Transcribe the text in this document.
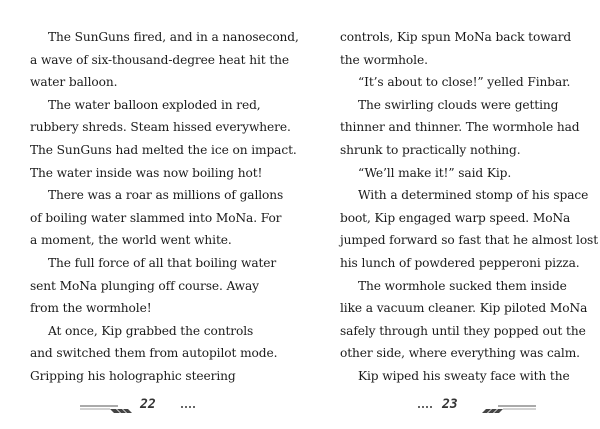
The SunGuns fired, and in a nanosecond,

a wave of six-thousand-degree heat hit the

water balloon.

The water balloon exploded in red,

rubbery shreds. Steam hissed everywhere.

The SunGuns had melted the ice on impact.

The water inside was now boiling hot!

There was a roar as millions of gallons

of boiling water slammed into MoNa. For

a moment, the world went white.

The full force of all that boiling water

sent MoNa plunging off course. Away

from the wormhole!

At once, Kip grabbed the controls

and switched them from autopilot mode.

Gripping his holographic steering

controls, Kip spun MoNa back toward

the wormhole.

“It’s about to close!” yelled Finbar.

The swirling clouds were getting

thinner and thinner. The wormhole had

shrunk to practically nothing.

“We’ll make it!” said Kip.

With a determined stomp of his space

boot, Kip engaged warp speed. MoNa

jumped forward so fast that he almost lost

his lunch of powdered pepperoni pizza.

The wormhole sucked them inside

like a vacuum cleaner. Kip piloted MoNa

safely through until they popped out the

other side, where everything was calm.

Kip wiped his sweaty face with the

22	23
